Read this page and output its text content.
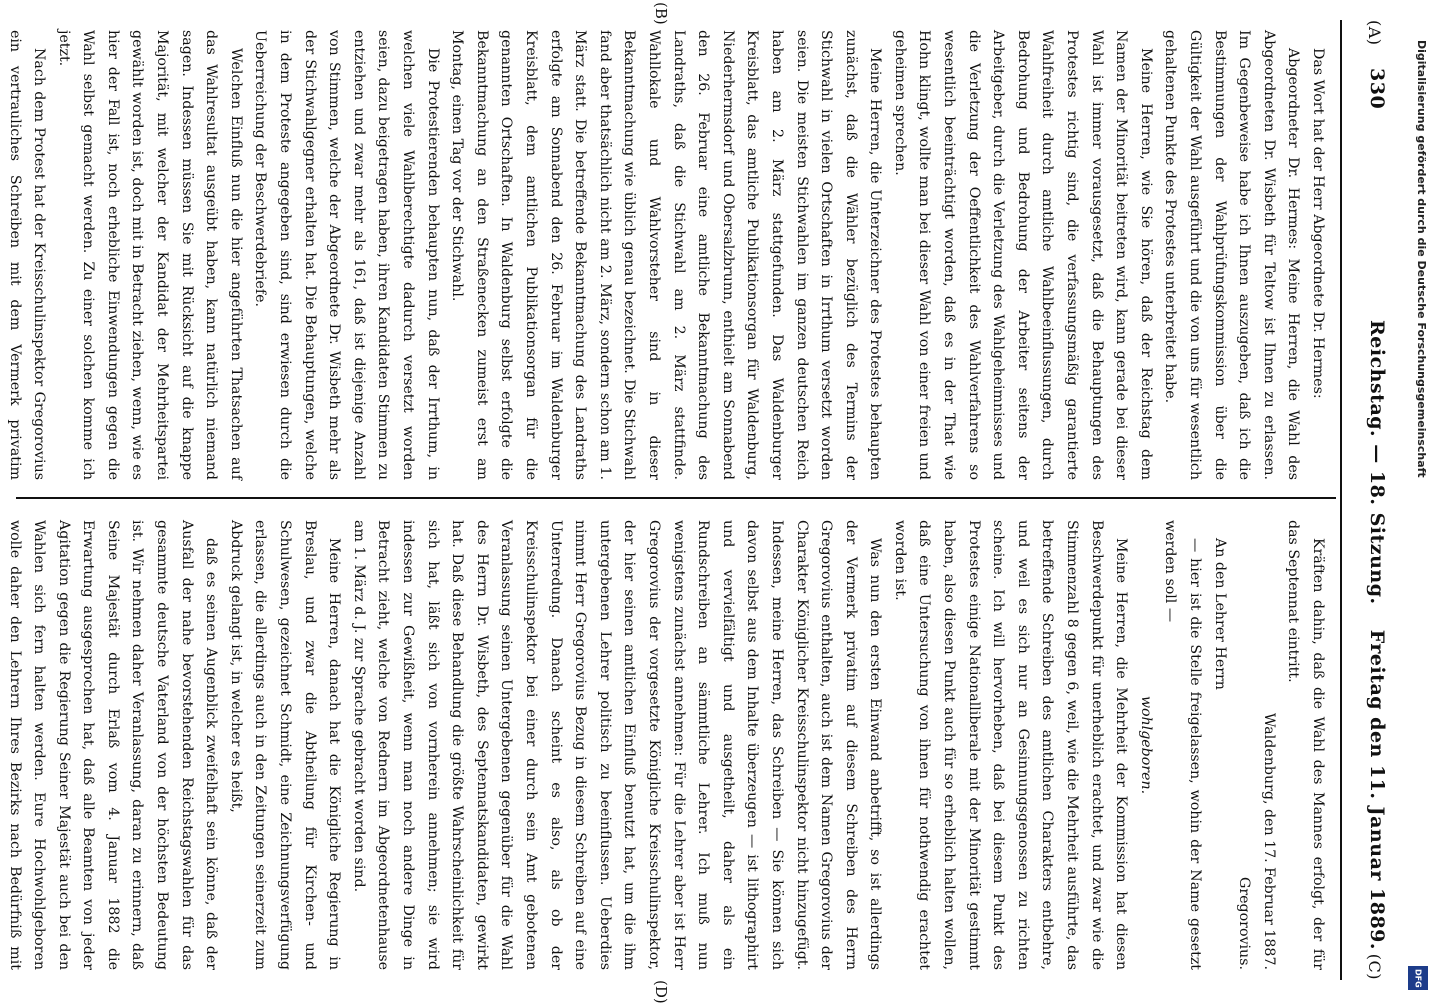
(A)
330
Reichstag. — 18. Sitzung.
Freitag den 11. Januar 1889.
(C)
(B)
(D)

Das Wort hat der Herr Abgeordnete Dr. Hermes:

Abgeordneter Dr. Hermes: Meine Herren, die Wahl des Abgeordneten Dr. Wisbeth für Teltow ist Ihnen zu erlassen. Im Gegenbeweise habe ich Ihnen auszugeben, daß ich die Bestimmungen der Wahlprüfungskommission über die Gültigkeit der Wahl ausgeführt und die von uns für wesentlich gehaltenen Punkte des Protestes unterbreitet habe.

Meine Herren, wie Sie hören, daß der Reichstag dem Namen der Minorität beitreten wird, kann gerade bei dieser Wahl ist immer vorausgesetzt, daß die Behauptungen des Protestes richtig sind, die verfassungsmäßig garantierte Wahlfreiheit durch amtliche Wahlbeeinflussungen, durch Bedrohung und Bedrohung der Arbeiter seitens der Arbeitgeber, durch die Verletzung des Wahlgeheimnisses und die Verletzung der Oeffentlichkeit des Wahlverfahrens so wesentlich beeinträchtigt worden, daß es in der That wie Hohn klingt, wollte man bei dieser Wahl von einer freien und geheimen sprechen.

Meine Herren, die Unterzeichner des Protestes behaupten zunächst, daß die Wähler bezüglich des Termins der Stichwahl in vielen Ortschaften in Irrthum versetzt worden seien. Die meisten Stichwahlen im ganzen deutschen Reich haben am 2. März stattgefunden. Das Waldenburger Kreisblatt, das amtliche Publikationsorgan für Waldenburg, Niederhermsdorf und Obersalzbrunn, enthielt am Sonnabend den 26. Februar eine amtliche Bekanntmachung des Landraths, daß die Stichwahl am 2. März stattfinde. Wahllokale und Wahlvorsteher sind in dieser Bekanntmachung wie üblich genau bezeichnet. Die Stichwahl fand aber thatsächlich nicht am 2. März, sondern schon am 1. März statt. Die betreffende Bekanntmachung des Landraths erfolgte am Sonnabend den 26. Februar im Waldenburger Kreisblatt, dem amtlichen Publikationsorgan für die genannten Ortschaften. In Waldenburg selbst erfolgte die Bekanntmachung an den Straßenecken zumeist erst am Montag, einen Tag vor der Stichwahl.

Die Protestierenden behaupten nun, daß der Irrthum, in welchen viele Wahlberechtigte dadurch versetzt worden seien, dazu beigetragen haben, ihren Kandidaten Stimmen zu entziehen und zwar mehr als 161, daß ist diejenige Anzahl von Stimmen, welche der Abgeordnete Dr. Wisbeth mehr als der Stichwahlgegner erhalten hat. Die Behauptungen, welche in dem Proteste angegeben sind, sind erwiesen durch die Ueberreichung der Beschwerdebriefe.

Welchen Einfluß nun die hier angeführten Thatsachen auf das Wahlresultat ausgeübt haben, kann natürlich niemand sagen. Indessen müssen Sie mit Rücksicht auf die knappe Majorität, mit welcher der Kandidat der Mehrheitspartei gewählt worden ist, doch mit in Betracht ziehen, wenn, wie es hier der Fall ist, noch erhebliche Einwendungen gegen die Wahl selbst gemacht werden. Zu einer solchen komme ich jetzt.

Nach dem Protest hat der Kreisschulinspektor Gregorovius ein vertrauliches Schreiben mit dem Vermerk privatim

Kräften dahin, daß die Wahl des Mannes erfolgt, der für das Septennat eintritt.

Waldenburg, den 17. Februar 1887.

Gregorovius.

An den Lehrer Herrn

— hier ist die Stelle freigelassen, wohin der Name gesetzt werden soll —

wohlgeboren.

Meine Herren, die Mehrheit der Kommission hat diesen Beschwerdepunkt für unerheblich erachtet, und zwar wie die Stimmenzahl 8 gegen 6, weil, wie die Mehrheit ausführte, das betreffende Schreiben des amtlichen Charakters entbehre, und weil es sich nur an Gesinnungsgenossen zu richten scheine. Ich will hervorheben, daß bei diesem Punkt des Protestes einige Nationalliberale mit der Minorität gestimmt haben, also diesen Punkt auch für so erheblich halten wollen, daß eine Untersuchung von ihnen für nothwendig erachtet worden ist.

Was nun den ersten Einwand anbetrifft, so ist allerdings der Vermerk privatim auf diesem Schreiben des Herrn Gregorovius enthalten, auch ist dem Namen Gregorovius der Charakter Königlicher Kreisschulinspektor nicht hinzugefügt. Indessen, meine Herren, das Schreiben — Sie können sich davon selbst aus dem Inhalte überzeugen — ist lithographirt und vervielfältigt und ausgetheilt, daher als ein Rundschreiben an sämmtliche Lehrer. Ich muß nun wenigstens zunächst annehmen: Für die Lehrer aber ist Herr Gregorovius der vorgesetzte Königliche Kreisschulinspektor, der hier seinen amtlichen Einfluß benutzt hat, um die ihm untergebenen Lehrer politisch zu beeinflussen. Ueberdies nimmt Herr Gregorovius Bezug in diesem Schreiben auf eine Unterredung. Danach scheint es also, als ob der Kreisschulinspektor bei einer durch sein Amt gebotenen Veranlassung seinen Untergebenen gegenüber für die Wahl des Herrn Dr. Wisbeth, des Septennatskandidaten, gewirkt hat. Daß diese Behandlung die größte Wahrscheinlichkeit für sich hat, läßt sich von vornherein annehmen; sie wird indessen zur Gewißheit, wenn man noch andere Dinge in Betracht zieht, welche von Rednern im Abgeordnetenhause am 1. März d. J. zur Sprache gebracht worden sind.

Meine Herren, danach hat die Königliche Regierung in Breslau, und zwar die Abtheilung für Kirchen- und Schulwesen, gezeichnet Schmidt, eine Zeichnungsverfügung erlassen, die allerdings auch in den Zeitungen seinerzeit zum Abdruck gelangt ist, in welcher es heißt,

daß es seinen Augenblick zweifelhaft sein könne, daß der Ausfall der nahe bevorstehenden Reichstagswahlen für das gesammte deutsche Vaterland von der höchsten Bedeutung ist. Wir nehmen daher Veranlassung, daran zu erinnern, daß Seine Majestät durch Erlaß vom 4. Januar 1882 die Erwartung ausgesprochen hat, daß alle Beamten von jeder Agitation gegen die Regierung Seiner Majestät auch bei den Wahlen sich fern halten werden. Eure Hochwohlgeboren wolle daher den Lehrern Ihres Bezirks nach Bedürfniß mit

Digitalisierung gefördert durch die Deutsche Forschungsgemeinschaft
DFG
